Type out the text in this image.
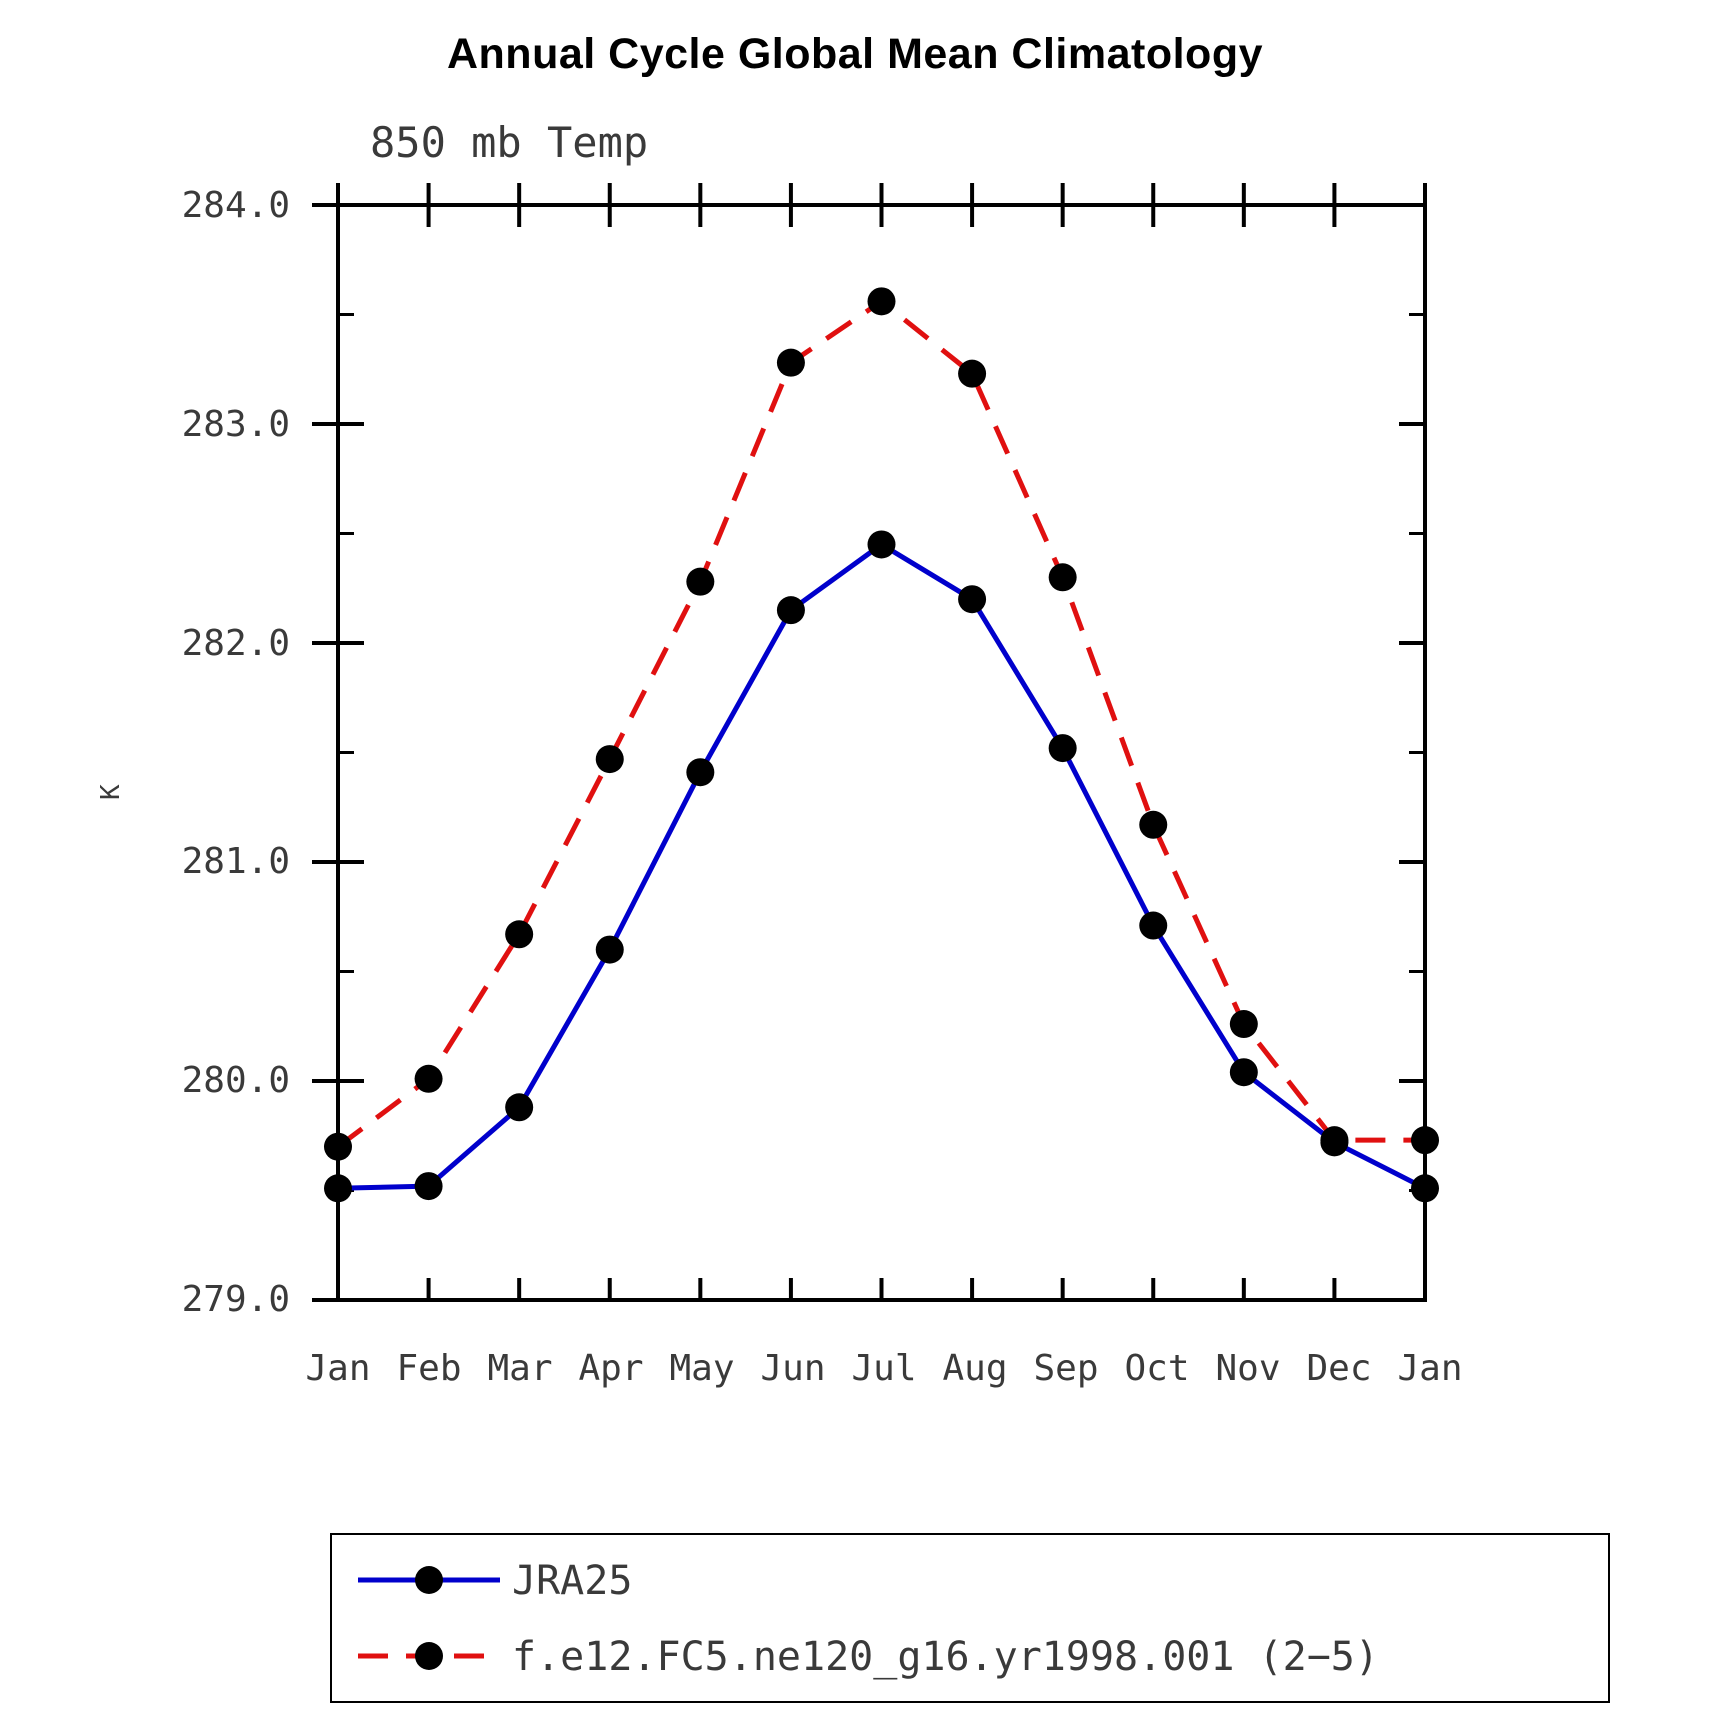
Annual Cycle Global Mean Climatology
850 mb Temp
K
284.0
283.0
282.0
281.0
280.0
279.0
Jan Feb Mar Apr May Jun Jul Aug Sep Oct Nov Dec Jan
JRA25
f.e12.FC5.ne120_g16.yr1998.001 (2−5)
